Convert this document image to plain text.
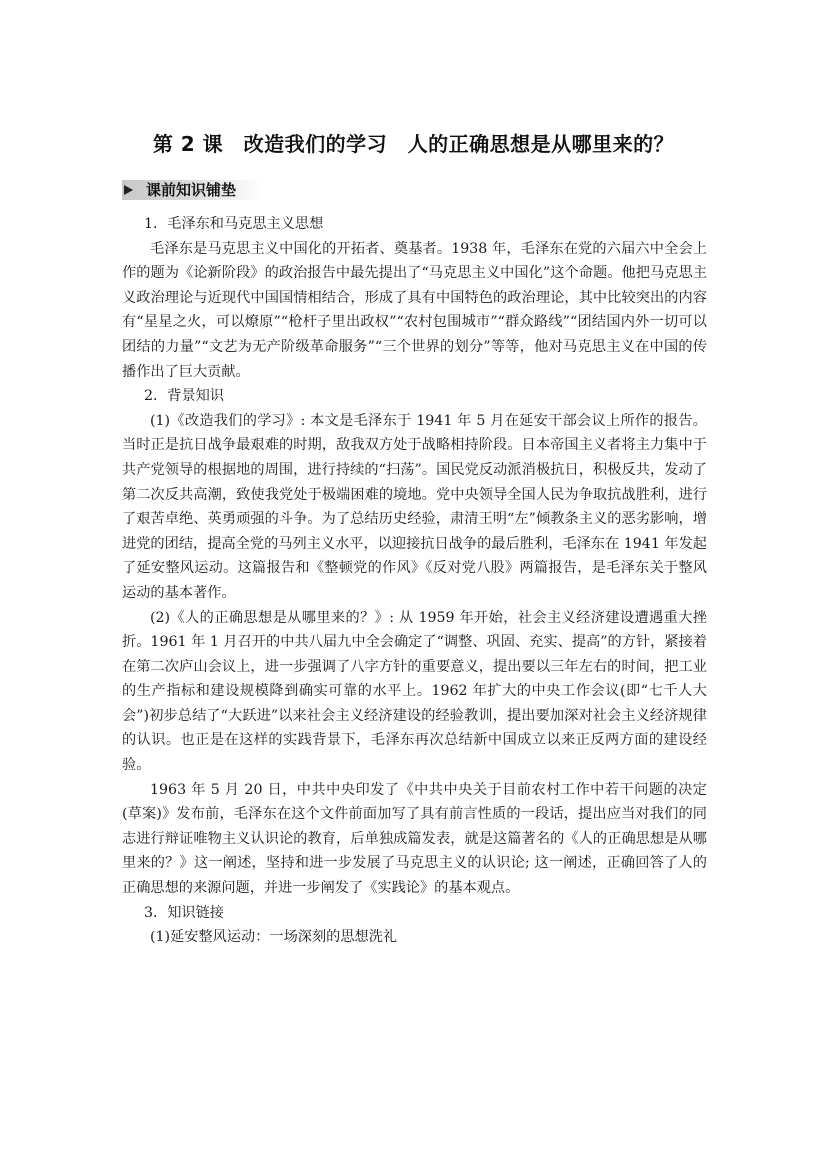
第 2 课　改造我们的学习　人的正确思想是从哪里来的？
课前知识铺垫

1．毛泽东和马克思主义思想

毛泽东是马克思主义中国化的开拓者、奠基者。1938 年，毛泽东在党的六届六中全会上作的题为《论新阶段》的政治报告中最先提出了“马克思主义中国化”这个命题。他把马克思主义政治理论与近现代中国国情相结合，形成了具有中国特色的政治理论，其中比较突出的内容有“星星之火，可以燎原”“枪杆子里出政权”“农村包围城市”“群众路线”“团结国内外一切可以团结的力量”“文艺为无产阶级革命服务”“三个世界的划分”等等，他对马克思主义在中国的传播作出了巨大贡献。

2．背景知识

(1)《改造我们的学习》: 本文是毛泽东于 1941 年 5 月在延安干部会议上所作的报告。当时正是抗日战争最艰难的时期，敌我双方处于战略相持阶段。日本帝国主义者将主力集中于共产党领导的根据地的周围，进行持续的“扫荡”。国民党反动派消极抗日，积极反共，发动了第二次反共高潮，致使我党处于极端困难的境地。党中央领导全国人民为争取抗战胜利，进行了艰苦卓绝、英勇顽强的斗争。为了总结历史经验，肃清王明“左”倾教条主义的恶劣影响，增进党的团结，提高全党的马列主义水平，以迎接抗日战争的最后胜利，毛泽东在 1941 年发起了延安整风运动。这篇报告和《整顿党的作风》《反对党八股》两篇报告，是毛泽东关于整风运动的基本著作。

(2)《人的正确思想是从哪里来的？》: 从 1959 年开始，社会主义经济建设遭遇重大挫折。1961 年 1 月召开的中共八届九中全会确定了“调整、巩固、充实、提高”的方针，紧接着在第二次庐山会议上，进一步强调了八字方针的重要意义，提出要以三年左右的时间，把工业的生产指标和建设规模降到确实可靠的水平上。1962 年扩大的中央工作会议(即“七千人大会”)初步总结了“大跃进”以来社会主义经济建设的经验教训，提出要加深对社会主义经济规律的认识。也正是在这样的实践背景下，毛泽东再次总结新中国成立以来正反两方面的建设经验。

1963 年 5 月 20 日，中共中央印发了《中共中央关于目前农村工作中若干问题的决定(草案)》发布前，毛泽东在这个文件前面加写了具有前言性质的一段话，提出应当对我们的同志进行辩证唯物主义认识论的教育，后单独成篇发表，就是这篇著名的《人的正确思想是从哪里来的？》这一阐述，坚持和进一步发展了马克思主义的认识论; 这一阐述，正确回答了人的正确思想的来源问题，并进一步阐发了《实践论》的基本观点。

3．知识链接

(1)延安整风运动：一场深刻的思想洗礼
